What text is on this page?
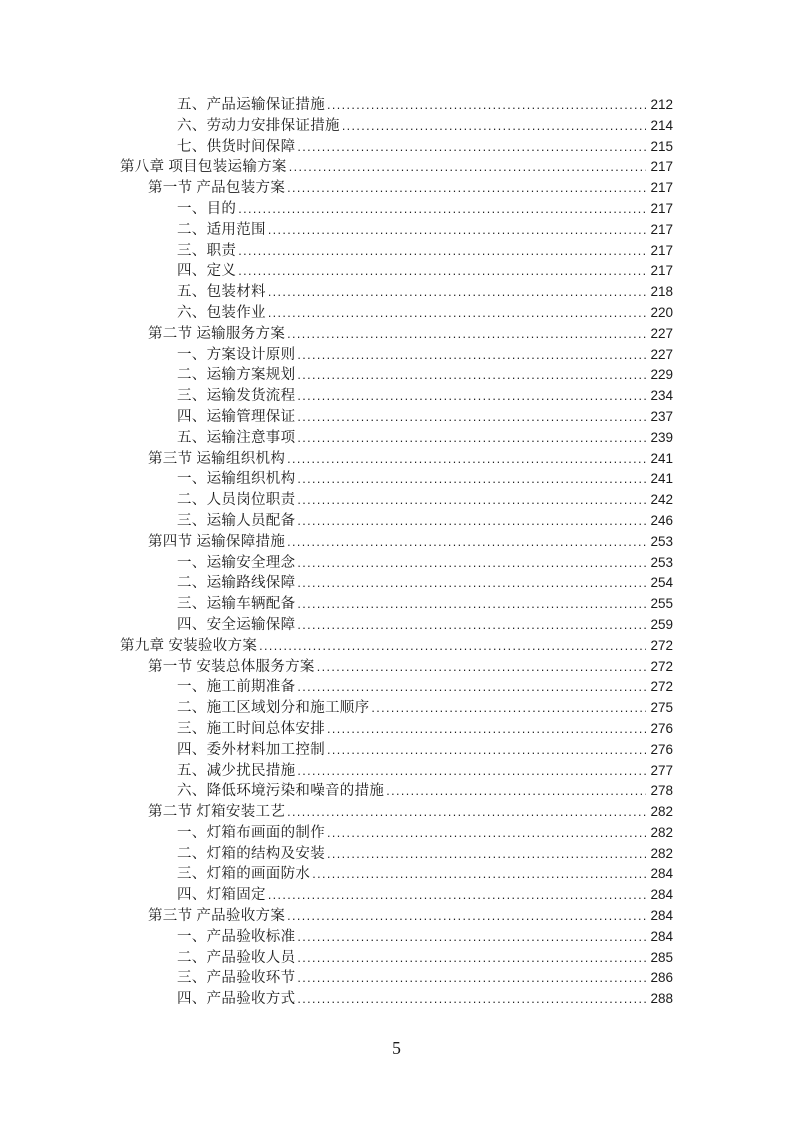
五、产品运输保证措施 .....	212
六、劳动力安排保证措施 .....	214
七、供货时间保障 .....	215
第八章 项目包装运输方案 .....	217
第一节 产品包装方案 .....	217
一、目的 .....	217
二、适用范围 .....	217
三、职责 .....	217
四、定义 .....	217
五、包装材料 .....	218
六、包装作业 .....	220
第二节 运输服务方案 .....	227
一、方案设计原则 .....	227
二、运输方案规划 .....	229
三、运输发货流程 .....	234
四、运输管理保证 .....	237
五、运输注意事项 .....	239
第三节 运输组织机构 .....	241
一、运输组织机构 .....	241
二、人员岗位职责 .....	242
三、运输人员配备 .....	246
第四节 运输保障措施 .....	253
一、运输安全理念 .....	253
二、运输路线保障 .....	254
三、运输车辆配备 .....	255
四、安全运输保障 .....	259
第九章 安装验收方案 .....	272
第一节 安装总体服务方案 .....	272
一、施工前期准备 .....	272
二、施工区域划分和施工顺序 .....	275
三、施工时间总体安排 .....	276
四、委外材料加工控制 .....	276
五、减少扰民措施 .....	277
六、降低环境污染和噪音的措施 .....	278
第二节 灯箱安装工艺 .....	282
一、灯箱布画面的制作 .....	282
二、灯箱的结构及安装 .....	282
三、灯箱的画面防水 .....	284
四、灯箱固定 .....	284
第三节 产品验收方案 .....	284
一、产品验收标准 .....	284
二、产品验收人员 .....	285
三、产品验收环节 .....	286
四、产品验收方式 .....	288
5
